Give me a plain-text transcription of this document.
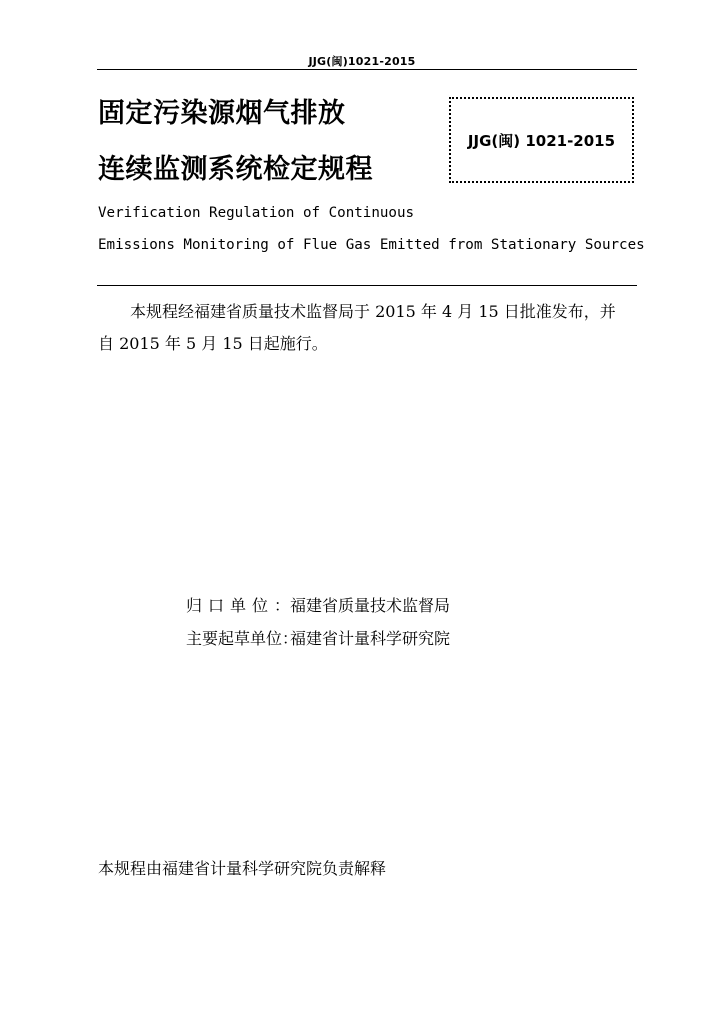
JJG(闽)1021-2015
固定污染源烟气排放
连续监测系统检定规程
JJG(闽) 1021-2015
Verification Regulation of Continuous
Emissions Monitoring of Flue Gas Emitted from Stationary Sources
本规程经福建省质量技术监督局于 2015 年 4 月 15 日批准发布，并
自 2015 年 5 月 15 日起施行。
归口单位：福建省质量技术监督局
主要起草单位：福建省计量科学研究院
本规程由福建省计量科学研究院负责解释
